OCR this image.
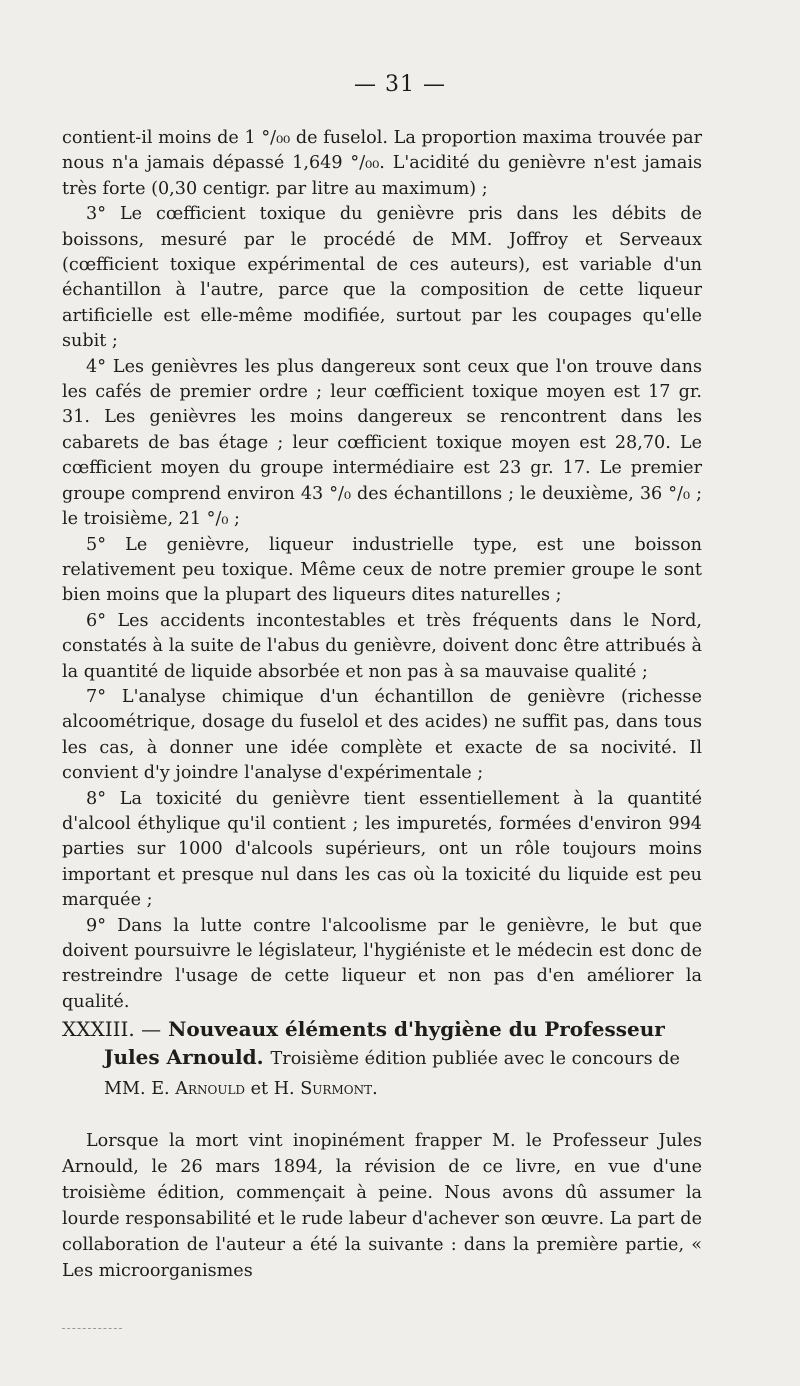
— 31 —

contient-il moins de 1 °/₀₀ de fuselol. La proportion maxima trouvée par nous n'a jamais dépassé 1,649 °/₀₀. L'acidité du genièvre n'est jamais très forte (0,30 centigr. par litre au maximum) ;

3° Le cœfficient toxique du genièvre pris dans les débits de boissons, mesuré par le procédé de MM. Joffroy et Serveaux (cœfficient toxique expérimental de ces auteurs), est variable d'un échantillon à l'autre, parce que la composition de cette liqueur artificielle est elle-même modifiée, surtout par les coupages qu'elle subit ;

4° Les genièvres les plus dangereux sont ceux que l'on trouve dans les cafés de premier ordre ; leur cœfficient toxique moyen est 17 gr. 31. Les genièvres les moins dangereux se rencontrent dans les cabarets de bas étage ; leur cœfficient toxique moyen est 28,70. Le cœfficient moyen du groupe intermédiaire est 23 gr. 17. Le premier groupe comprend environ 43 °/₀ des échantillons ; le deuxième, 36 °/₀ ; le troisième, 21 °/₀ ;

5° Le genièvre, liqueur industrielle type, est une boisson relativement peu toxique. Même ceux de notre premier groupe le sont bien moins que la plupart des liqueurs dites naturelles ;

6° Les accidents incontestables et très fréquents dans le Nord, constatés à la suite de l'abus du genièvre, doivent donc être attribués à la quantité de liquide absorbée et non pas à sa mauvaise qualité ;

7° L'analyse chimique d'un échantillon de genièvre (richesse alcoométrique, dosage du fuselol et des acides) ne suffit pas, dans tous les cas, à donner une idée complète et exacte de sa nocivité. Il convient d'y joindre l'analyse d'expérimentale ;

8° La toxicité du genièvre tient essentiellement à la quantité d'alcool éthylique qu'il contient ; les impuretés, formées d'environ 994 parties sur 1000 d'alcools supérieurs, ont un rôle toujours moins important et presque nul dans les cas où la toxicité du liquide est peu marquée ;

9° Dans la lutte contre l'alcoolisme par le genièvre, le but que doivent poursuivre le législateur, l'hygiéniste et le médecin est donc de restreindre l'usage de cette liqueur et non pas d'en améliorer la qualité.

XXXIII. — Nouveaux éléments d'hygiène du Professeur Jules Arnould. Troisième édition publiée avec le concours de MM. E. Arnould et H. Surmont.

Lorsque la mort vint inopinément frapper M. le Professeur Jules Arnould, le 26 mars 1894, la révision de ce livre, en vue d'une troisième édition, commençait à peine. Nous avons dû assumer la lourde responsabilité et le rude labeur d'achever son œuvre. La part de collaboration de l'auteur a été la suivante : dans la première partie, « Les microorganismes
